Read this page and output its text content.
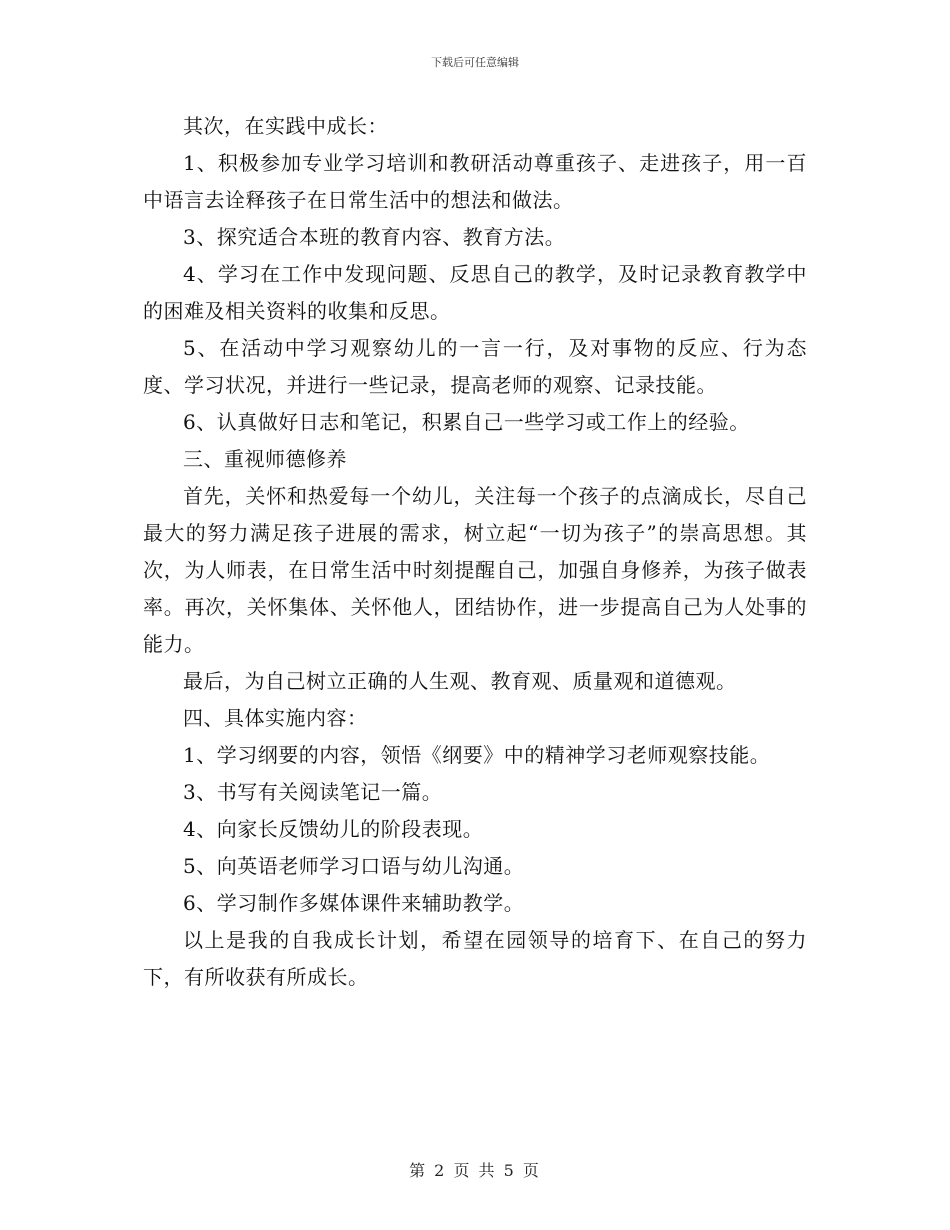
下载后可任意编辑

其次，在实践中成长：

1、积极参加专业学习培训和教研活动尊重孩子、走进孩子，用一百中语言去诠释孩子在日常生活中的想法和做法。

3、探究适合本班的教育内容、教育方法。

4、学习在工作中发现问题、反思自己的教学，及时记录教育教学中的困难及相关资料的收集和反思。

5、在活动中学习观察幼儿的一言一行，及对事物的反应、行为态度、学习状况，并进行一些记录，提高老师的观察、记录技能。

6、认真做好日志和笔记，积累自己一些学习或工作上的经验。

三、重视师德修养

首先，关怀和热爱每一个幼儿，关注每一个孩子的点滴成长，尽自己最大的努力满足孩子进展的需求，树立起“一切为孩子”的崇高思想。其次，为人师表，在日常生活中时刻提醒自己，加强自身修养，为孩子做表率。再次，关怀集体、关怀他人，团结协作，进一步提高自己为人处事的能力。

最后，为自己树立正确的人生观、教育观、质量观和道德观。

四、具体实施内容：

1、学习纲要的内容，领悟《纲要》中的精神学习老师观察技能。

3、书写有关阅读笔记一篇。

4、向家长反馈幼儿的阶段表现。

5、向英语老师学习口语与幼儿沟通。

6、学习制作多媒体课件来辅助教学。

以上是我的自我成长计划，希望在园领导的培育下、在自己的努力下，有所收获有所成长。

第 2 页 共 5 页
